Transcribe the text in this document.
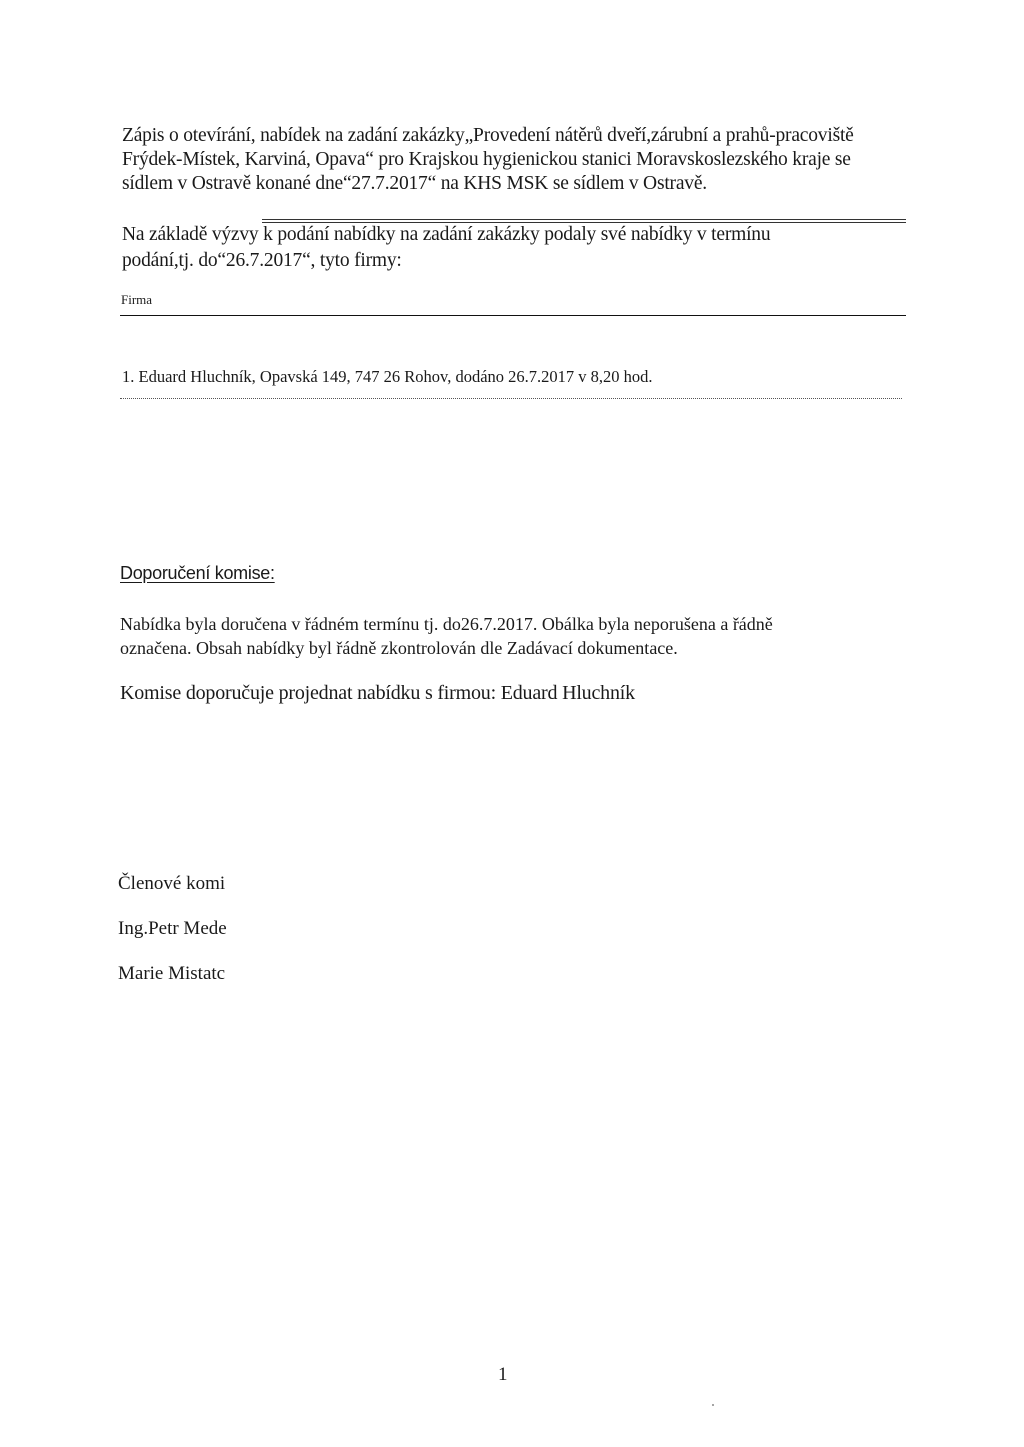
Zápis o otevírání, nabídek na zadání zakázky„Provedení nátěrů dveří,zárubní a prahů-pracoviště Frýdek-Místek, Karviná, Opava“ pro Krajskou hygienickou stanici Moravskoslezského kraje se sídlem v Ostravě konané dne“27.7.2017“ na KHS MSK se sídlem v Ostravě.

Na základě výzvy k podání nabídky na zadání zakázky podaly své nabídky v termínu

podání,tj. do“26.7.2017“, tyto firmy:

Firma
1. Eduard Hluchník, Opavská 149, 747 26 Rohov, dodáno 26.7.2017 v 8,20 hod.
Doporučení komise:

Nabídka byla doručena v řádném termínu tj. do26.7.2017. Obálka byla neporušena a řádně

označena. Obsah nabídky byl řádně zkontrolován dle Zadávací dokumentace.

Komise doporučuje projednat nabídku s firmou: Eduard Hluchník
Členové komi
Ing.Petr Mede
Marie Mistatc
1
